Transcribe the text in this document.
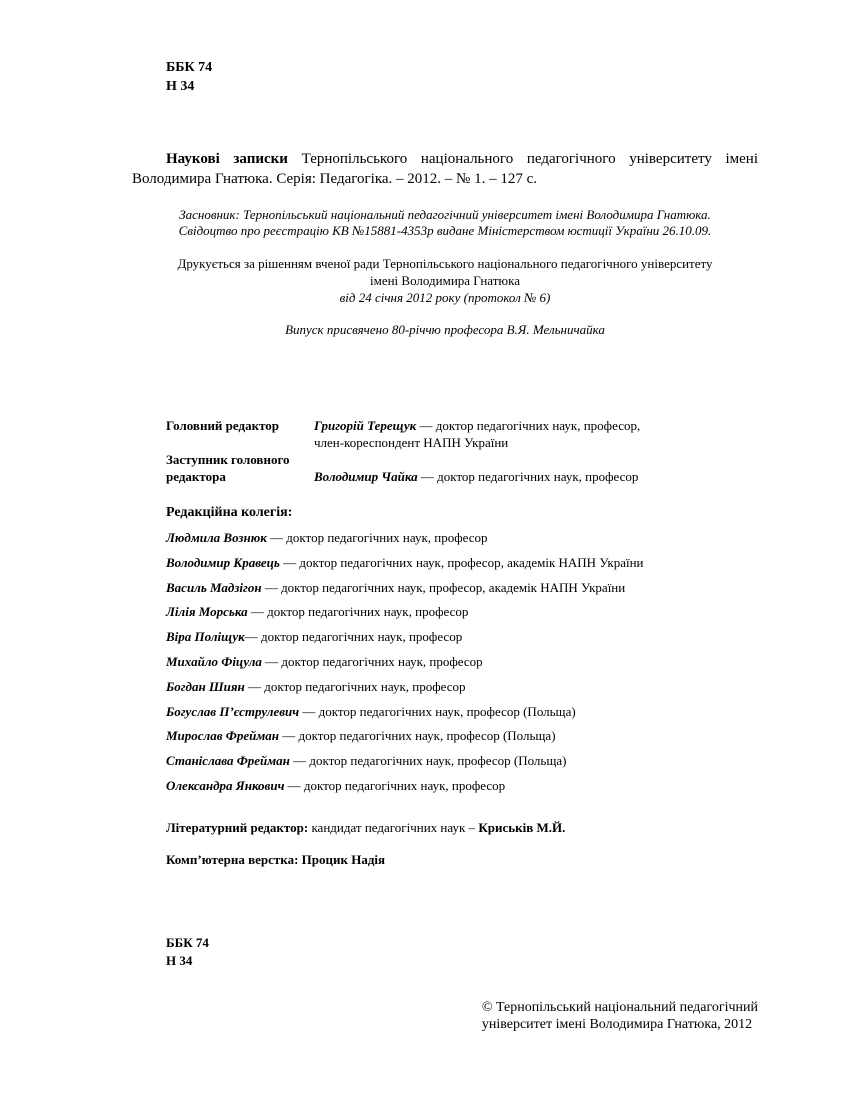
ББК 74
Н 34
Наукові записки Тернопільського національного педагогічного університету імені Володимира Гнатюка. Серія: Педагогіка. – 2012. – № 1. – 127 с.
Засновник: Тернопільський національний педагогічний університет імені Володимира Гнатюка.
Свідоцтво про реєстрацію КВ №15881-4353р видане Міністерством юстиції України 26.10.09.
Друкується за рішенням вченої ради Тернопільського національного педагогічного університету
імені Володимира Гнатюка
від 24 січня 2012 року (протокол № 6)
Випуск присвячено 80-річчю професора В.Я. Мельничайка
Головний редактор	Григорій Терещук — доктор педагогічних наук, професор,
член-кореспондент НАПН України
Заступник головного
редактора	Володимир Чайка — доктор педагогічних наук, професор
Редакційна колегія:
Людмила Вознюк — доктор педагогічних наук, професор
Володимир Кравець — доктор педагогічних наук, професор, академік НАПН України
Василь Мадзігон — доктор педагогічних наук, професор, академік НАПН України
Лілія Морська — доктор педагогічних наук, професор
Віра Поліщук— доктор педагогічних наук, професор
Михайло Фіцула — доктор педагогічних наук, професор
Богдан Шиян — доктор педагогічних наук, професор
Богуслав П’єструлевич — доктор педагогічних наук, професор (Польща)
Мирослав Фрейман — доктор педагогічних наук, професор (Польща)
Станіслава Фрейман — доктор педагогічних наук, професор (Польща)
Олександра Янкович — доктор педагогічних наук, професор
Літературний редактор: кандидат педагогічних наук – Криськів М.Й.
Комп’ютерна верстка: Процик Надія
ББК 74
Н 34
© Тернопільський національний педагогічний
університет імені Володимира Гнатюка, 2012
